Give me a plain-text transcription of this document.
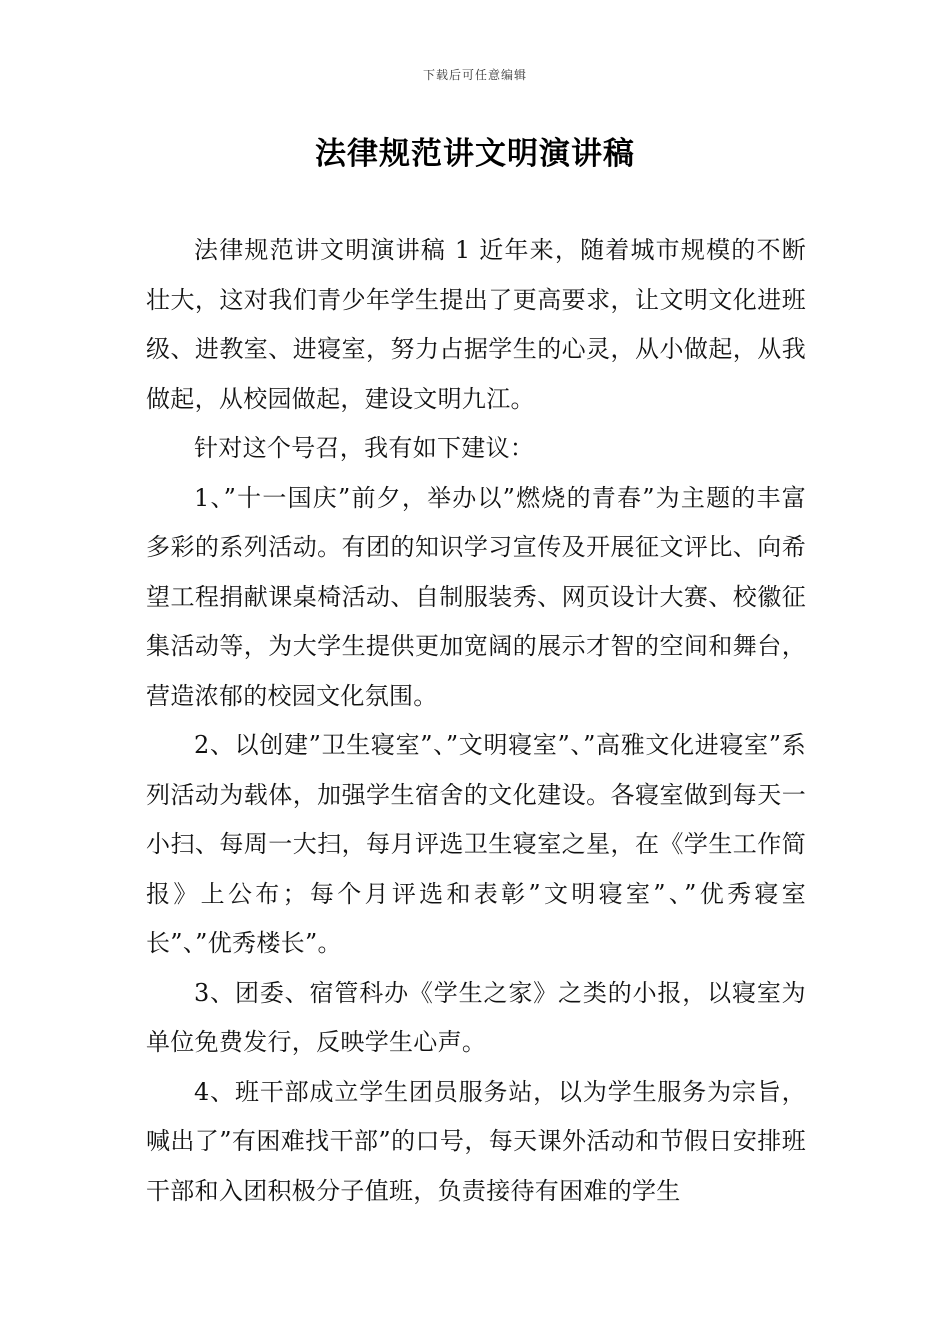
下载后可任意编辑
法律规范讲文明演讲稿

法律规范讲文明演讲稿 1 近年来，随着城市规模的不断壮大，这对我们青少年学生提出了更高要求，让文明文化进班级、进教室、进寝室，努力占据学生的心灵，从小做起，从我做起，从校园做起，建设文明九江。

针对这个号召，我有如下建议：

1、”十一国庆”前夕，举办以”燃烧的青春”为主题的丰富多彩的系列活动。有团的知识学习宣传及开展征文评比、向希望工程捐献课桌椅活动、自制服装秀、网页设计大赛、校徽征集活动等，为大学生提供更加宽阔的展示才智的空间和舞台，营造浓郁的校园文化氛围。

2、以创建”卫生寝室”、”文明寝室”、”高雅文化进寝室”系列活动为载体，加强学生宿舍的文化建设。各寝室做到每天一小扫、每周一大扫，每月评选卫生寝室之星，在《学生工作简报》上公布；每个月评选和表彰”文明寝室”、”优秀寝室长”、”优秀楼长”。

3、团委、宿管科办《学生之家》之类的小报，以寝室为单位免费发行，反映学生心声。

4、班干部成立学生团员服务站，以为学生服务为宗旨，喊出了”有困难找干部”的口号，每天课外活动和节假日安排班干部和入团积极分子值班，负责接待有困难的学生
